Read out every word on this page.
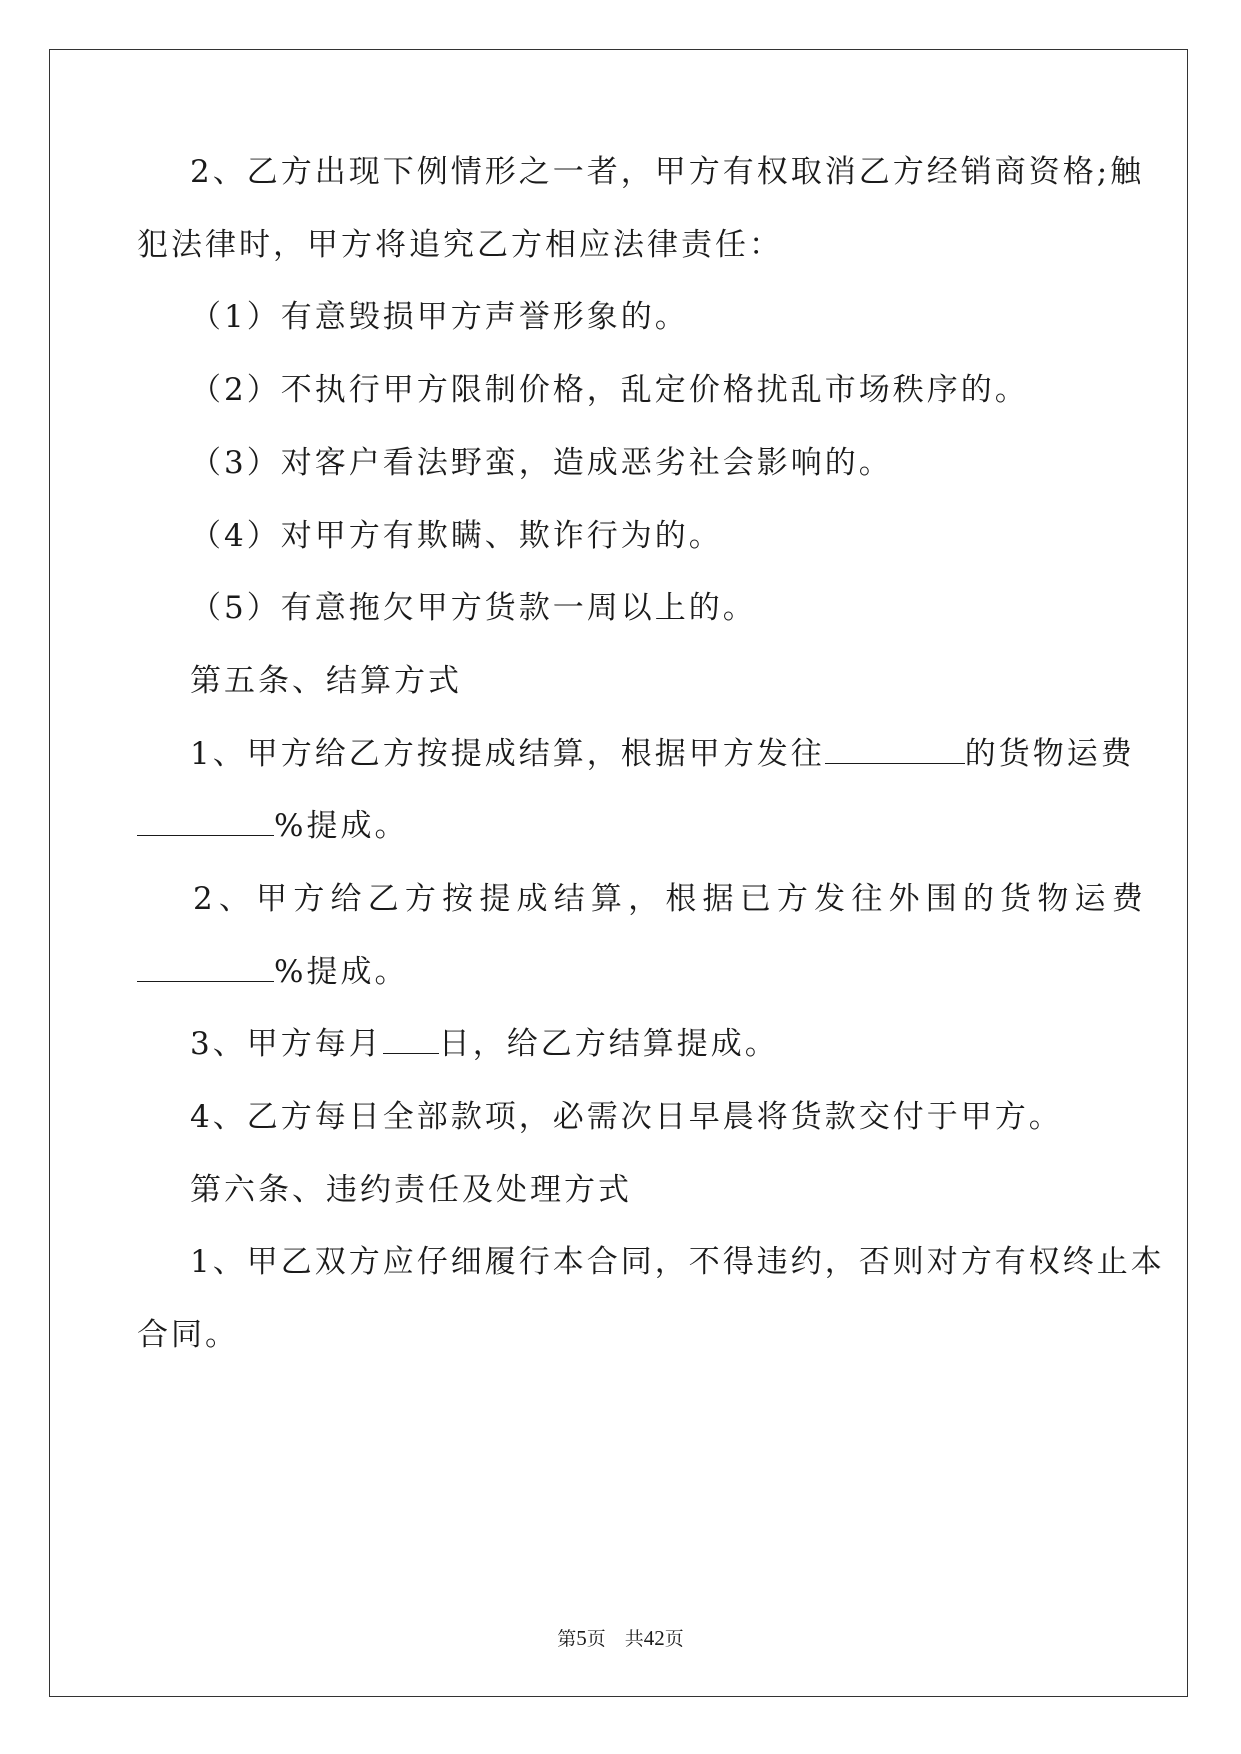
2、乙方出现下例情形之一者，甲方有权取消乙方经销商资格;触
犯法律时，甲方将追究乙方相应法律责任：
（1）有意毁损甲方声誉形象的。
（2）不执行甲方限制价格，乱定价格扰乱市场秩序的。
（3）对客户看法野蛮，造成恶劣社会影响的。
（4）对甲方有欺瞒、欺诈行为的。
（5）有意拖欠甲方货款一周以上的。
第五条、结算方式
1、甲方给乙方按提成结算，根据甲方发往	的货物运费
%提成。
2、甲方给乙方按提成结算，根据已方发往外围的货物运费
%提成。
3、甲方每月 日，给乙方结算提成。
4、乙方每日全部款项，必需次日早晨将货款交付于甲方。
第六条、违约责任及处理方式
1、甲乙双方应仔细履行本合同，不得违约，否则对方有权终止本
合同。
第5页　共42页
